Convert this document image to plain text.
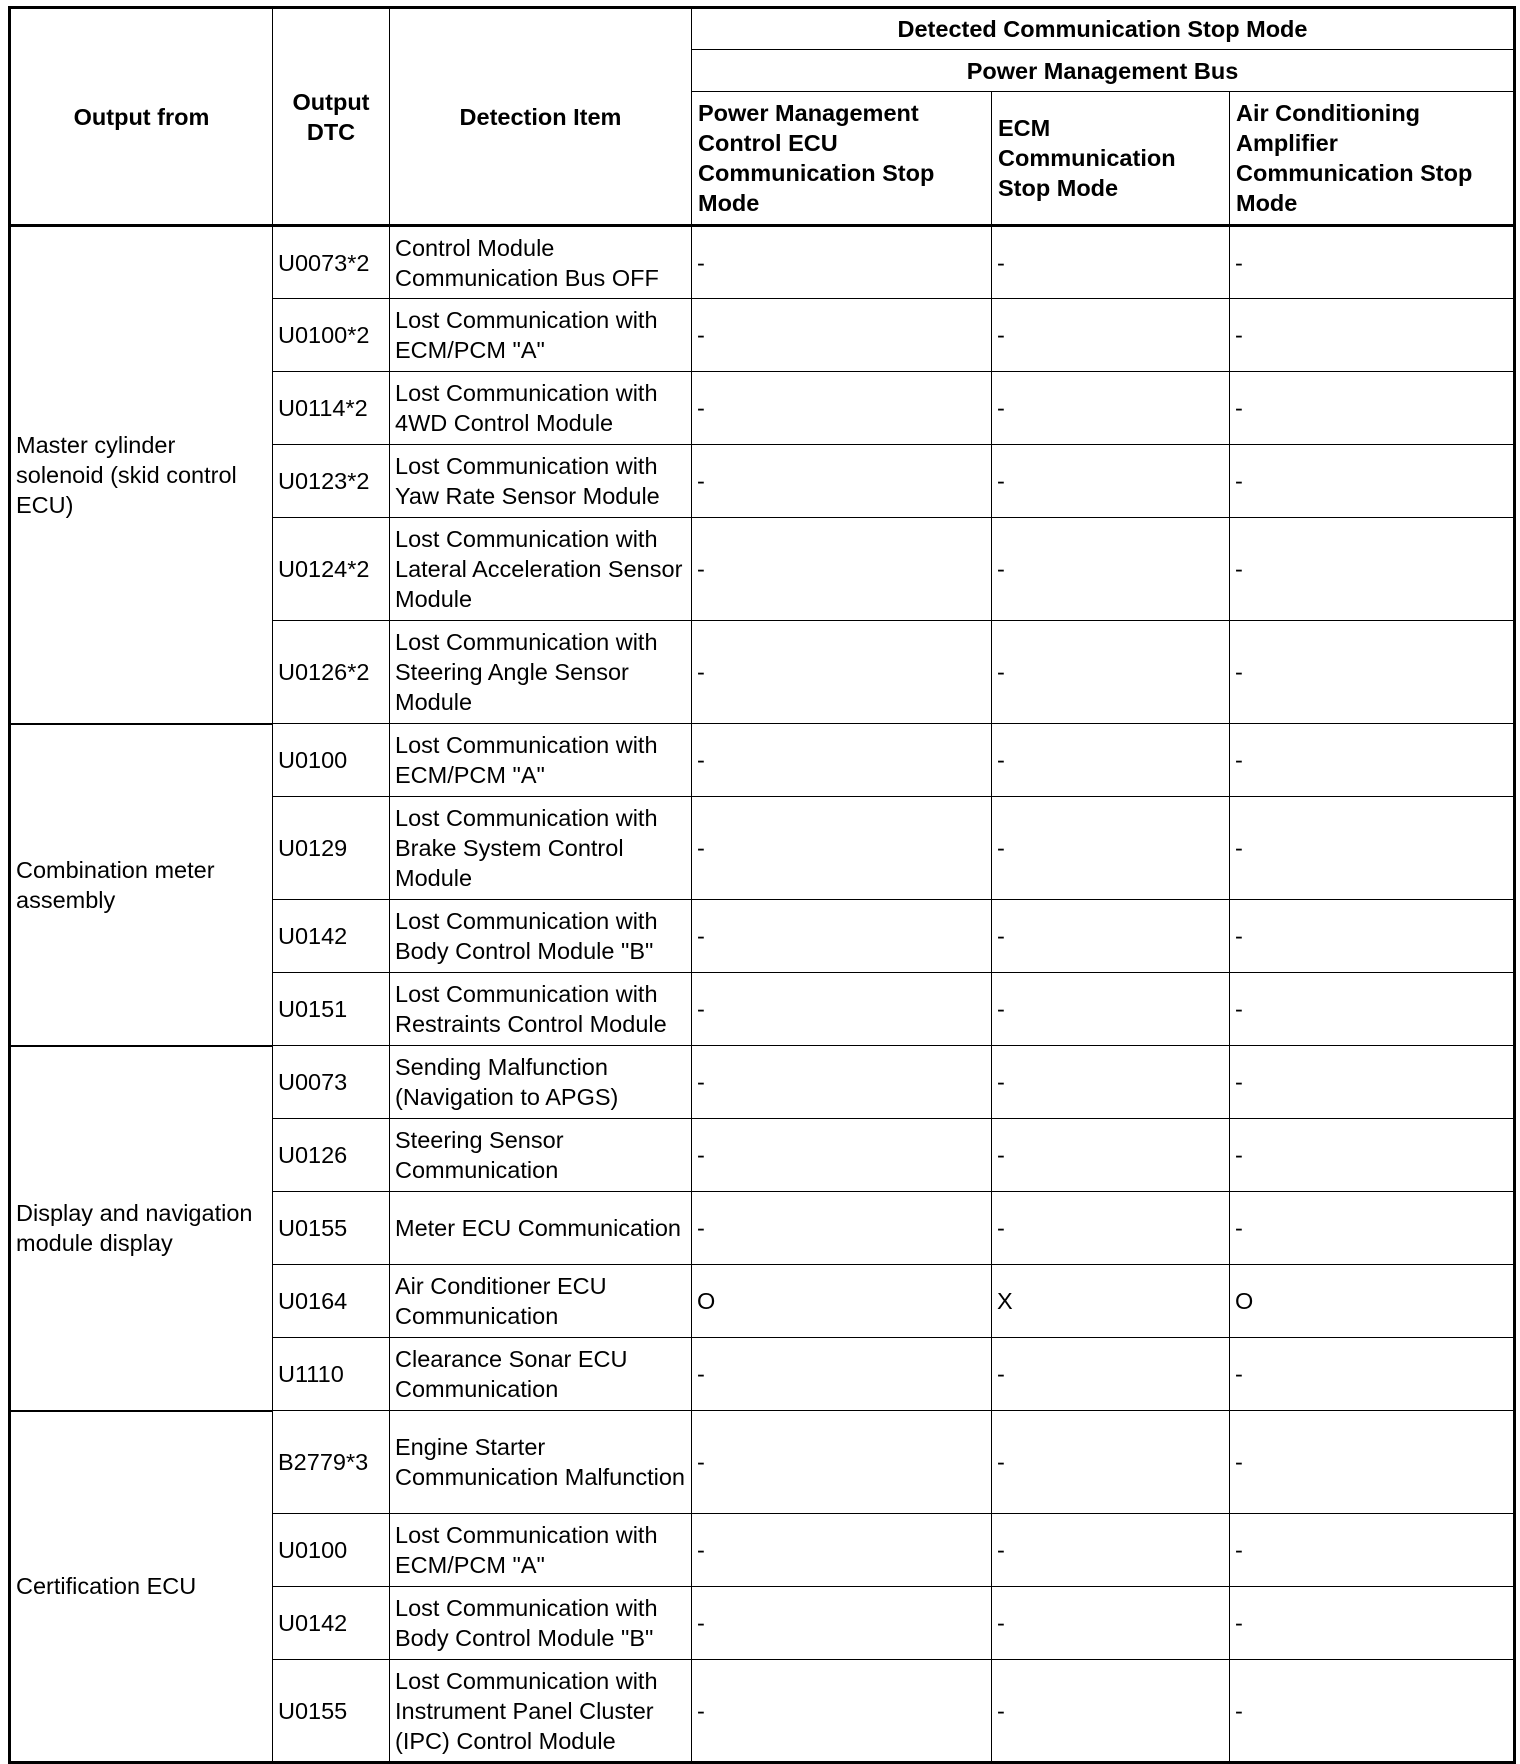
Output from	Output DTC	Detection Item	Detected Communication Stop Mode		
			Power Management Bus		
			Power Management Control ECU Communication Stop Mode	ECM Communication Stop Mode	Air Conditioning Amplifier Communication Stop Mode
Master cylinder solenoid (skid control ECU)	U0073*2	Control Module Communication Bus OFF	-	-	-
	U0100*2	Lost Communication with ECM/PCM "A"	-	-	-
	U0114*2	Lost Communication with 4WD Control Module	-	-	-
	U0123*2	Lost Communication with Yaw Rate Sensor Module	-	-	-
	U0124*2	Lost Communication with Lateral Acceleration Sensor Module	-	-	-
	U0126*2	Lost Communication with Steering Angle Sensor Module	-	-	-
Combination meter assembly	U0100	Lost Communication with ECM/PCM "A"	-	-	-
	U0129	Lost Communication with Brake System Control Module	-	-	-
	U0142	Lost Communication with Body Control Module "B"	-	-	-
	U0151	Lost Communication with Restraints Control Module	-	-	-
Display and navigation module display	U0073	Sending Malfunction (Navigation to APGS)	-	-	-
	U0126	Steering Sensor Communication	-	-	-
	U0155	Meter ECU Communication	-	-	-
	U0164	Air Conditioner ECU Communication	O	X	O
	U1110	Clearance Sonar ECU Communication	-	-	-
Certification ECU	B2779*3	Engine Starter Communication Malfunction	-	-	-
	U0100	Lost Communication with ECM/PCM "A"	-	-	-
	U0142	Lost Communication with Body Control Module "B"	-	-	-
	U0155	Lost Communication with Instrument Panel Cluster (IPC) Control Module	-	-	-
